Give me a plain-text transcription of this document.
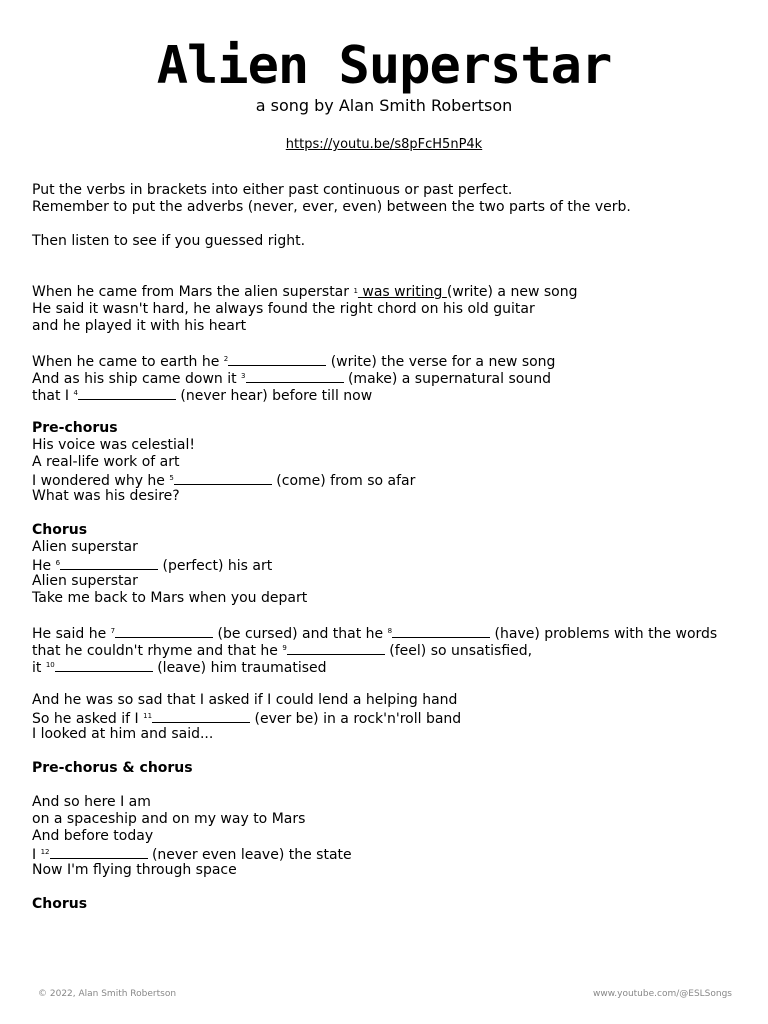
Alien Superstar
a song by Alan Smith Robertson
https://youtu.be/s8pFcH5nP4k
Put the verbs in brackets into either past continuous or past perfect.
Remember to put the adverbs (never, ever, even) between the two parts of the verb.
Then listen to see if you guessed right.
When he came from Mars the alien superstar $^1$ was writing (write) a new song
He said it wasn't hard, he always found the right chord on his old guitar
and he played it with his heart
When he came to earth he $^2$	(write) the verse for a new song
And as his ship came down it $^3$	(make) a supernatural sound
that I $^4$	(never hear) before till now
Pre-chorus
His voice was celestial!
A real-life work of art
I wondered why he $^5$	(come) from so afar
What was his desire?
Chorus
Alien superstar
He $^6$	(perfect) his art
Alien superstar
Take me back to Mars when you depart
He said he $^7$	(be cursed) and that he $^8$	(have) problems with the words
that he couldn't rhyme and that he $^9$	(feel) so unsatisfied,
it $^{10}$	(leave) him traumatised
And he was so sad that I asked if I could lend a helping hand
So he asked if I $^{11}$	(ever be) in a rock'n'roll band
I looked at him and said...
Pre-chorus & chorus
And so here I am
on a spaceship and on my way to Mars
And before today
I $^{12}$	(never even leave) the state
Now I'm flying through space
Chorus
© 2022, Alan Smith Robertson	www.youtube.com/@ESLSongs
